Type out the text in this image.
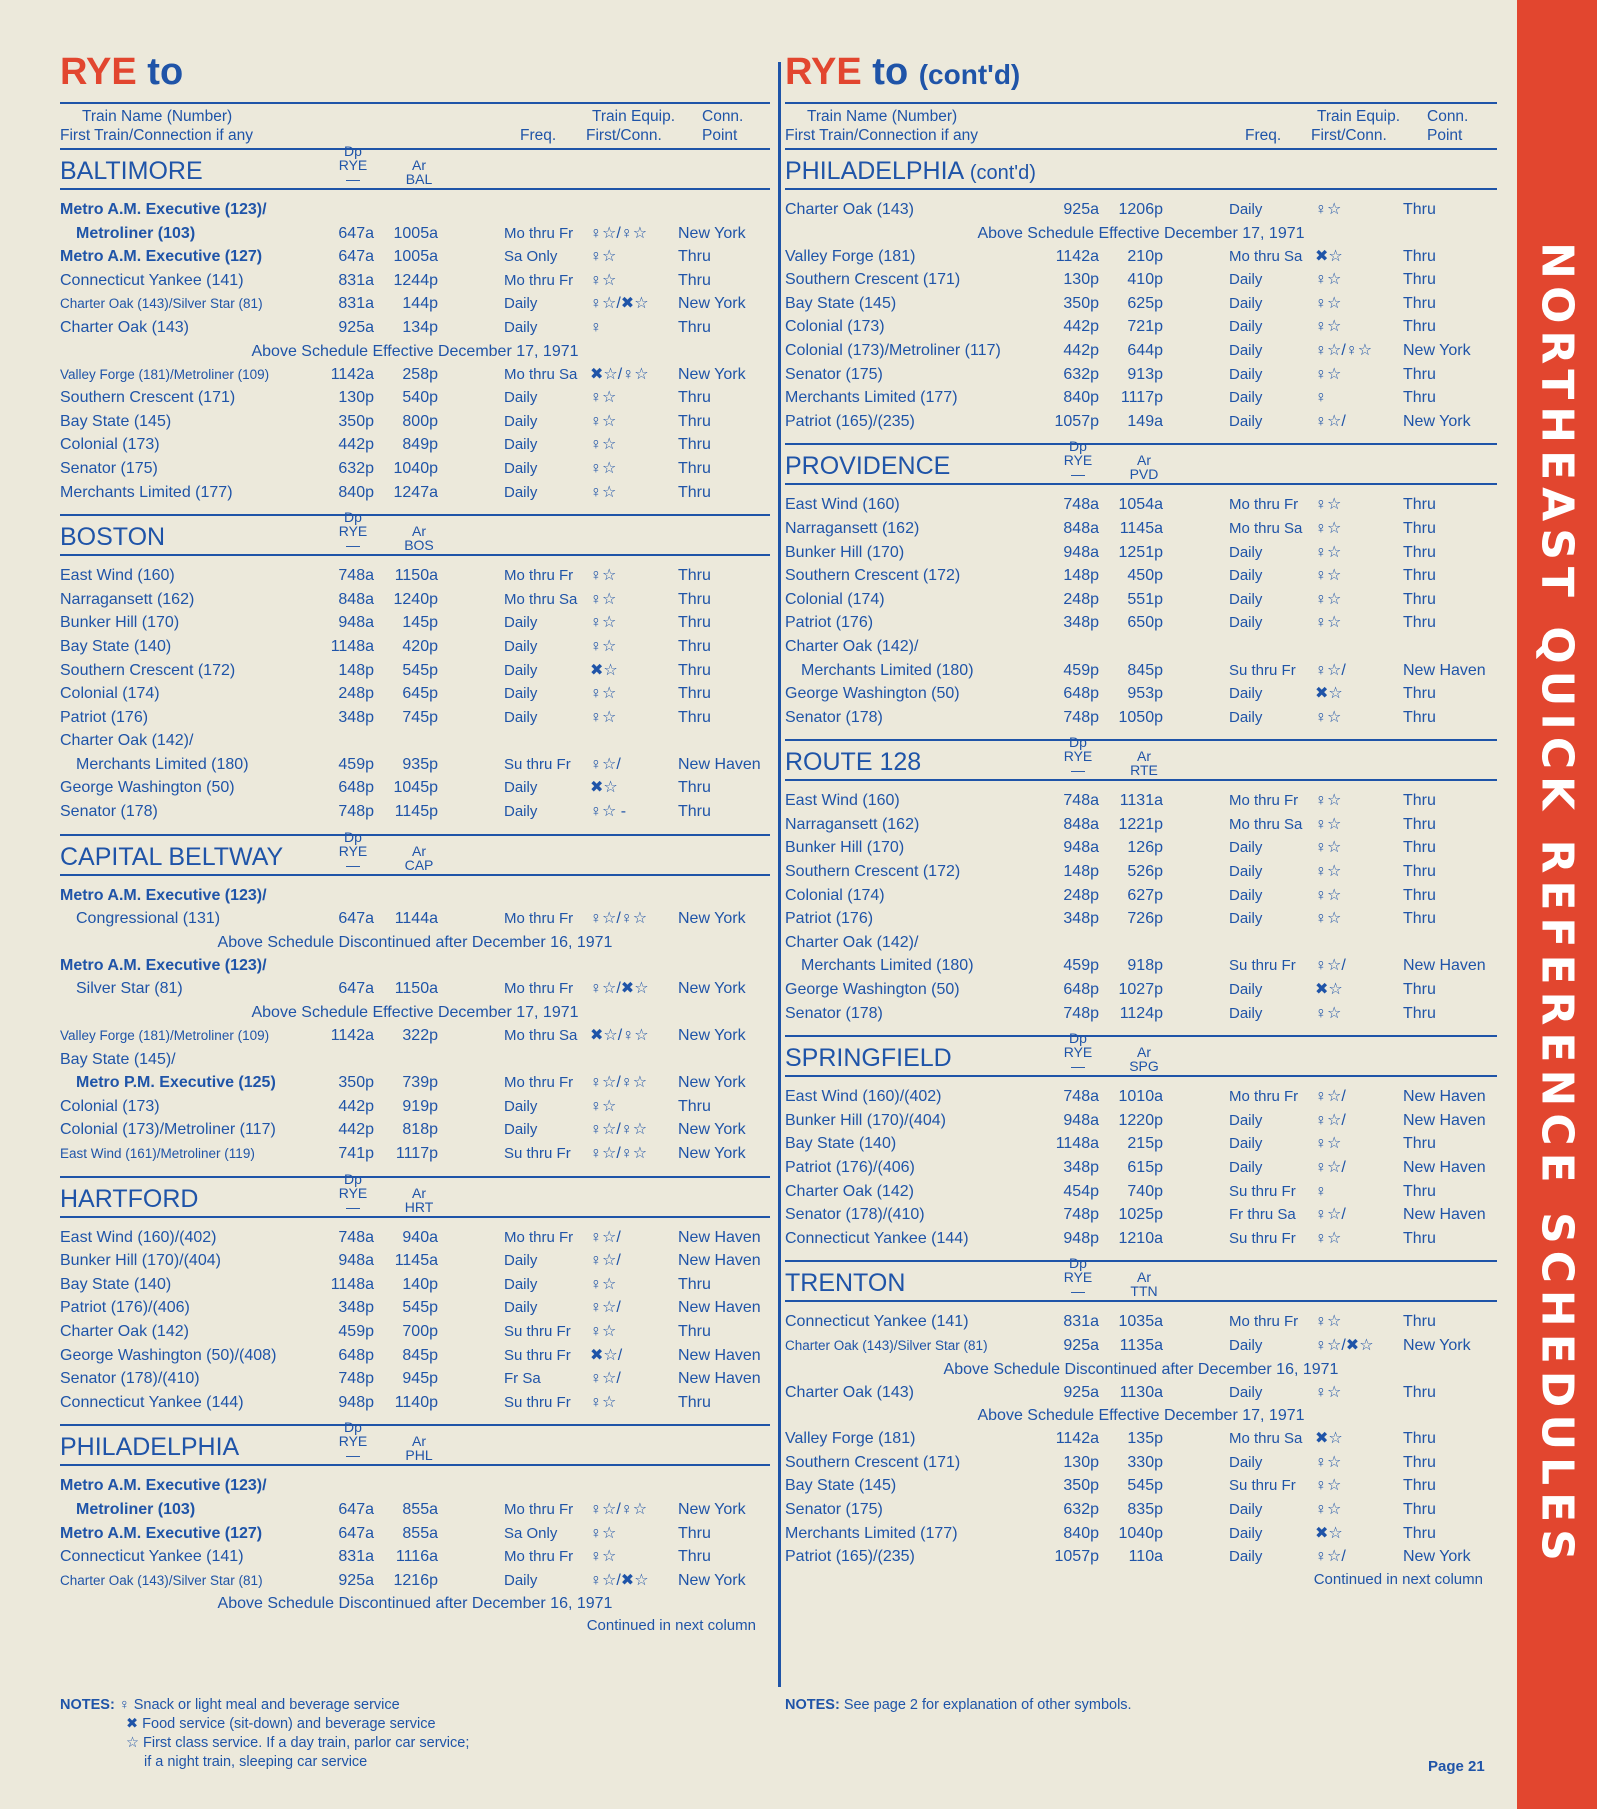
NORTHEAST QUICK REFERENCE SCHEDULES
RYE to
Train Name (Number)
First Train/Connection if any	Freq.
Train Equip.
First/Conn.
Conn.
Point
BALTIMORE
Dp
RYE—
Ar
BAL
Metro A.M. Executive (123)/
Metroliner (103)	647a	1005a	Mo thru Fr ♀☆/♀☆ New York
Metro A.M. Executive (127)	647a	1005a	Sa Only ♀☆	Thru
Connecticut Yankee (141)	831a	1244p	Mo thru Fr ♀☆	Thru
Charter Oak (143)/Silver Star (81)	831a	144p	Daily	♀☆/✖☆ New York
Charter Oak (143)	925a	134p	Daily	♀	Thru
Above Schedule Effective December 17, 1971
Valley Forge (181)/Metroliner (109)	1142a	258p	Mo thru Sa ✖☆/♀☆ New York
Southern Crescent (171)	130p	540p	Daily	♀☆	Thru
Bay State (145)	350p	800p	Daily	♀☆	Thru
Colonial (173)	442p	849p	Daily	♀☆	Thru
Senator (175)	632p	1040p	Daily	♀☆	Thru
Merchants Limited (177)	840p	1247a	Daily	♀☆	Thru
BOSTON
Dp
RYE—
Ar
BOS
East Wind (160)	748a	1150a	Mo thru Fr ♀☆	Thru
Narragansett (162)	848a	1240p	Mo thru Sa ♀☆	Thru
Bunker Hill (170)	948a	145p	Daily	♀☆	Thru
Bay State (140)	1148a	420p	Daily	♀☆	Thru
Southern Crescent (172)	148p	545p	Daily	✖☆	Thru
Colonial (174)	248p	645p	Daily	♀☆	Thru
Patriot (176)	348p	745p	Daily	♀☆	Thru
Charter Oak (142)/
Merchants Limited (180)	459p	935p	Su thru Fr ♀☆/	New Haven
George Washington (50)	648p	1045p	Daily	✖☆	Thru
Senator (178)	748p	1145p	Daily	♀☆ -	Thru
CAPITAL BELTWAY
Dp
RYE—
Ar
CAP
Metro A.M. Executive (123)/
Congressional (131)	647a	1144a	Mo thru Fr ♀☆/♀☆ New York
Above Schedule Discontinued after December 16, 1971
Metro A.M. Executive (123)/
Silver Star (81)	647a	1150a	Mo thru Fr ♀☆/✖☆ New York
Above Schedule Effective December 17, 1971
Valley Forge (181)/Metroliner (109)	1142a	322p	Mo thru Sa ✖☆/♀☆ New York
Bay State (145)/
Metro P.M. Executive (125)	350p	739p	Mo thru Fr ♀☆/♀☆ New York
Colonial (173)	442p	919p	Daily	♀☆	Thru
Colonial (173)/Metroliner (117)	442p	818p	Daily	♀☆/♀☆ New York
East Wind (161)/Metroliner (119)	741p	1117p	Su thru Fr ♀☆/♀☆ New York
HARTFORD
Dp
RYE—
Ar
HRT
East Wind (160)/(402)	748a	940a	Mo thru Fr ♀☆/	New Haven
Bunker Hill (170)/(404)	948a	1145a	Daily	♀☆/	New Haven
Bay State (140)	1148a	140p	Daily	♀☆	Thru
Patriot (176)/(406)	348p	545p	Daily	♀☆/	New Haven
Charter Oak (142)	459p	700p	Su thru Fr ♀☆	Thru
George Washington (50)/(408)	648p	845p	Su thru Fr ✖☆/	New Haven
Senator (178)/(410)	748p	945p	Fr Sa	♀☆/	New Haven
Connecticut Yankee (144)	948p	1140p	Su thru Fr ♀☆	Thru
PHILADELPHIA
Dp
RYE—
Ar
PHL
Metro A.M. Executive (123)/
Metroliner (103)	647a	855a	Mo thru Fr ♀☆/♀☆ New York
Metro A.M. Executive (127)	647a	855a	Sa Only ♀☆	Thru
Connecticut Yankee (141)	831a	1116a	Mo thru Fr ♀☆	Thru
Charter Oak (143)/Silver Star (81)	925a	1216p	Daily	♀☆/✖☆ New York
Above Schedule Discontinued after December 16, 1971
Continued in next column
RYE to (cont'd)
Train Name (Number)
First Train/Connection if any	Freq.
Train Equip.
First/Conn.
Conn.
Point
PHILADELPHIA (cont'd)
Charter Oak (143)	925a	1206p	Daily	♀☆	Thru
Above Schedule Effective December 17, 1971
Valley Forge (181)	1142a	210p	Mo thru Sa ✖☆	Thru
Southern Crescent (171)	130p	410p	Daily	♀☆	Thru
Bay State (145)	350p	625p	Daily	♀☆	Thru
Colonial (173)	442p	721p	Daily	♀☆	Thru
Colonial (173)/Metroliner (117)	442p	644p	Daily	♀☆/♀☆ New York
Senator (175)	632p	913p	Daily	♀☆	Thru
Merchants Limited (177)	840p	1117p	Daily	♀	Thru
Patriot (165)/(235)	1057p	149a	Daily	♀☆/	New York
PROVIDENCE
Dp
RYE—
Ar
PVD
East Wind (160)	748a	1054a	Mo thru Fr ♀☆	Thru
Narragansett (162)	848a	1145a	Mo thru Sa ♀☆	Thru
Bunker Hill (170)	948a	1251p	Daily	♀☆	Thru
Southern Crescent (172)	148p	450p	Daily	♀☆	Thru
Colonial (174)	248p	551p	Daily	♀☆	Thru
Patriot (176)	348p	650p	Daily	♀☆	Thru
Charter Oak (142)/
Merchants Limited (180)	459p	845p	Su thru Fr ♀☆/	New Haven
George Washington (50)	648p	953p	Daily	✖☆	Thru
Senator (178)	748p	1050p	Daily	♀☆	Thru
ROUTE 128
Dp
RYE—
Ar
RTE
East Wind (160)	748a	1131a	Mo thru Fr ♀☆	Thru
Narragansett (162)	848a	1221p	Mo thru Sa ♀☆	Thru
Bunker Hill (170)	948a	126p	Daily	♀☆	Thru
Southern Crescent (172)	148p	526p	Daily	♀☆	Thru
Colonial (174)	248p	627p	Daily	♀☆	Thru
Patriot (176)	348p	726p	Daily	♀☆	Thru
Charter Oak (142)/
Merchants Limited (180)	459p	918p	Su thru Fr ♀☆/	New Haven
George Washington (50)	648p	1027p	Daily	✖☆	Thru
Senator (178)	748p	1124p	Daily	♀☆	Thru
SPRINGFIELD
Dp
RYE—
Ar
SPG
East Wind (160)/(402)	748a	1010a	Mo thru Fr ♀☆/	New Haven
Bunker Hill (170)/(404)	948a	1220p	Daily	♀☆/	New Haven
Bay State (140)	1148a	215p	Daily	♀☆	Thru
Patriot (176)/(406)	348p	615p	Daily	♀☆/	New Haven
Charter Oak (142)	454p	740p	Su thru Fr ♀	Thru
Senator (178)/(410)	748p	1025p	Fr thru Sa ♀☆/	New Haven
Connecticut Yankee (144)	948p	1210a	Su thru Fr ♀☆	Thru
TRENTON
Dp
RYE—
Ar
TTN
Connecticut Yankee (141)	831a	1035a	Mo thru Fr ♀☆	Thru
Charter Oak (143)/Silver Star (81)	925a	1135a	Daily	♀☆/✖☆ New York
Above Schedule Discontinued after December 16, 1971
Charter Oak (143)	925a	1130a	Daily	♀☆	Thru
Above Schedule Effective December 17, 1971
Valley Forge (181)	1142a	135p	Mo thru Sa ✖☆	Thru
Southern Crescent (171)	130p	330p	Daily	♀☆	Thru
Bay State (145)	350p	545p	Su thru Fr ♀☆	Thru
Senator (175)	632p	835p	Daily	♀☆	Thru
Merchants Limited (177)	840p	1040p	Daily	✖☆	Thru
Patriot (165)/(235)	1057p	110a	Daily	♀☆/	New York
Continued in next column
NOTES: ♀ Snack or light meal and beverage service
✖ Food service (sit-down) and beverage service
☆ First class service. If a day train, parlor car service;
if a night train, sleeping car service
NOTES: See page 2 for explanation of other symbols.
Page 21
